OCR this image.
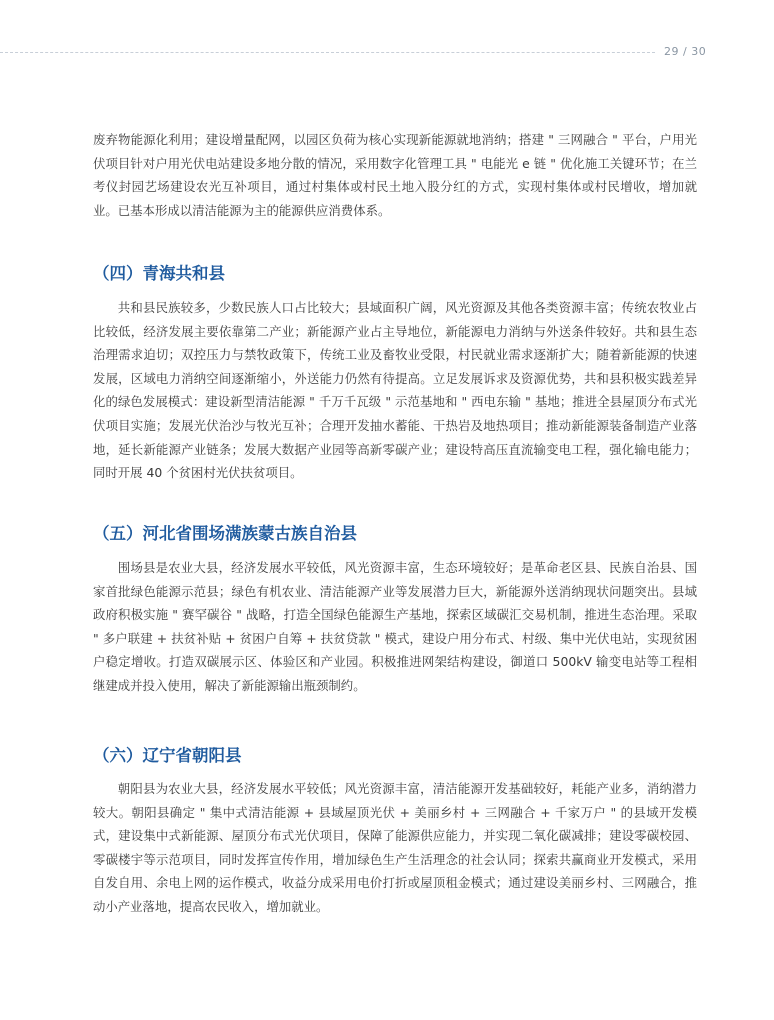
29 / 30

废弃物能源化利用；建设增量配网，以园区负荷为核心实现新能源就地消纳；搭建 " 三网融合 " 平台，户用光伏项目针对户用光伏电站建设多地分散的情况，采用数字化管理工具 " 电能光 e 链 " 优化施工关键环节；在兰考仪封园艺场建设农光互补项目，通过村集体或村民土地入股分红的方式，实现村集体或村民增收，增加就业。已基本形成以清洁能源为主的能源供应消费体系。

（四）青海共和县

共和县民族较多，少数民族人口占比较大；县域面积广阔，风光资源及其他各类资源丰富；传统农牧业占比较低，经济发展主要依靠第二产业；新能源产业占主导地位，新能源电力消纳与外送条件较好。共和县生态治理需求迫切；双控压力与禁牧政策下，传统工业及畜牧业受限，村民就业需求逐渐扩大；随着新能源的快速发展，区域电力消纳空间逐渐缩小，外送能力仍然有待提高。立足发展诉求及资源优势，共和县积极实践差异化的绿色发展模式：建设新型清洁能源 " 千万千瓦级 " 示范基地和 " 西电东输 " 基地；推进全县屋顶分布式光伏项目实施；发展光伏治沙与牧光互补；合理开发抽水蓄能、干热岩及地热项目；推动新能源装备制造产业落地，延长新能源产业链条；发展大数据产业园等高新零碳产业；建设特高压直流输变电工程，强化输电能力；同时开展 40 个贫困村光伏扶贫项目。

（五）河北省围场满族蒙古族自治县

围场县是农业大县，经济发展水平较低，风光资源丰富，生态环境较好；是革命老区县、民族自治县、国家首批绿色能源示范县；绿色有机农业、清洁能源产业等发展潜力巨大，新能源外送消纳现状问题突出。县域政府积极实施 " 赛罕碳谷 " 战略，打造全国绿色能源生产基地，探索区域碳汇交易机制，推进生态治理。采取 " 多户联建 + 扶贫补贴 + 贫困户自筹 + 扶贫贷款 " 模式，建设户用分布式、村级、集中光伏电站，实现贫困户稳定增收。打造双碳展示区、体验区和产业园。积极推进网架结构建设，御道口 500kV 输变电站等工程相继建成并投入使用，解决了新能源输出瓶颈制约。

（六）辽宁省朝阳县

朝阳县为农业大县，经济发展水平较低；风光资源丰富，清洁能源开发基础较好，耗能产业多，消纳潜力较大。朝阳县确定 " 集中式清洁能源 + 县域屋顶光伏 + 美丽乡村 + 三网融合 + 千家万户 " 的县域开发模式，建设集中式新能源、屋顶分布式光伏项目，保障了能源供应能力，并实现二氧化碳减排；建设零碳校园、零碳楼宇等示范项目，同时发挥宣传作用，增加绿色生产生活理念的社会认同；探索共赢商业开发模式，采用自发自用、余电上网的运作模式，收益分成采用电价打折或屋顶租金模式；通过建设美丽乡村、三网融合，推动小产业落地，提高农民收入，增加就业。
